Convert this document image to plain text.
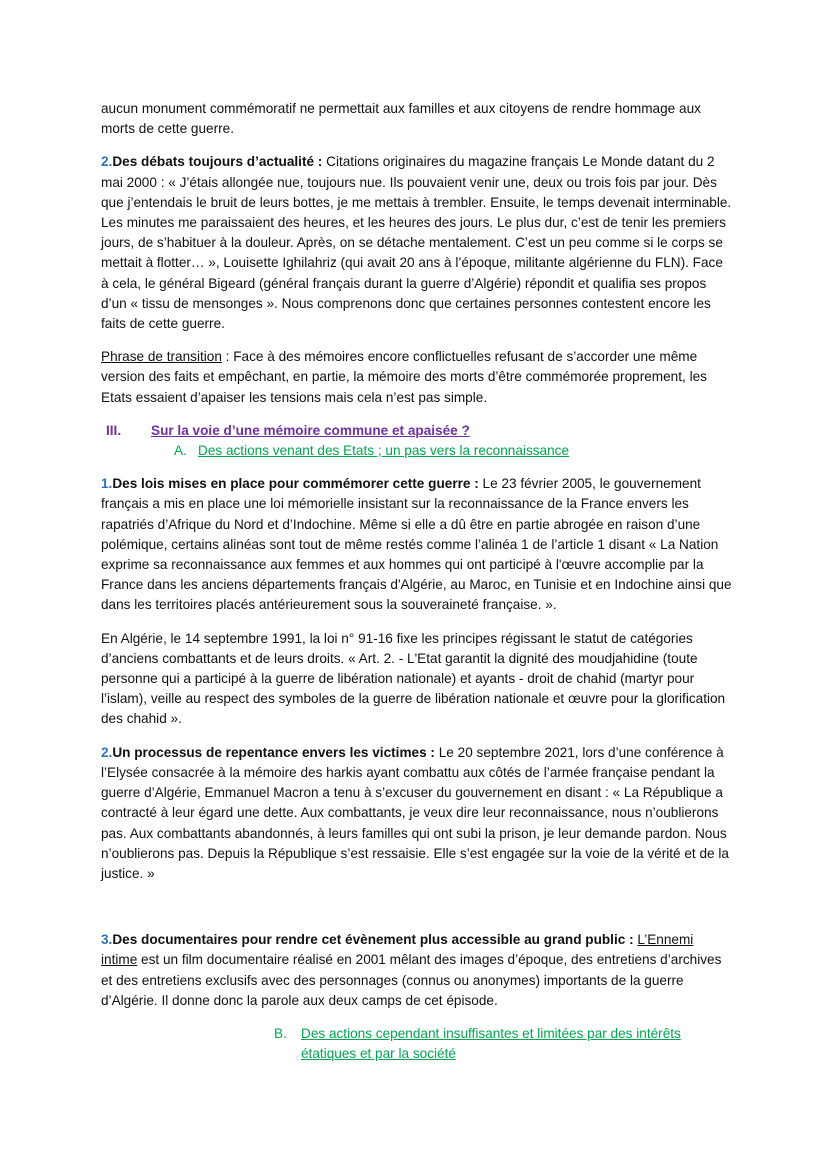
aucun monument commémoratif ne permettait aux familles et aux citoyens de rendre hommage aux morts de cette guerre.

2.Des débats toujours d’actualité : Citations originaires du magazine français Le Monde datant du 2 mai 2000 : « J’étais allongée nue, toujours nue. Ils pouvaient venir une, deux ou trois fois par jour. Dès que j’entendais le bruit de leurs bottes, je me mettais à trembler. Ensuite, le temps devenait interminable. Les minutes me paraissaient des heures, et les heures des jours. Le plus dur, c’est de tenir les premiers jours, de s’habituer à la douleur. Après, on se détache mentalement. C’est un peu comme si le corps se mettait à flotter… », Louisette Ighilahriz (qui avait 20 ans à l’époque, militante algérienne du FLN). Face à cela, le général Bigeard (général français durant la guerre d’Algérie) répondit et qualifia ses propos d’un « tissu de mensonges ». Nous comprenons donc que certaines personnes contestent encore les faits de cette guerre.

Phrase de transition : Face à des mémoires encore conflictuelles refusant de s’accorder une même version des faits et empêchant, en partie, la mémoire des morts d’être commémorée proprement, les Etats essaient d’apaiser les tensions mais cela n’est pas simple.

III.	Sur la voie d’une mémoire commune et apaisée ?
A. Des actions venant des Etats ; un pas vers la reconnaissance

1.Des lois mises en place pour commémorer cette guerre : Le 23 février 2005, le gouvernement français a mis en place une loi mémorielle insistant sur la reconnaissance de la France envers les rapatriés d’Afrique du Nord et d’Indochine. Même si elle a dû être en partie abrogée en raison d’une polémique, certains alinéas sont tout de même restés comme l’alinéa 1 de l’article 1 disant « La Nation exprime sa reconnaissance aux femmes et aux hommes qui ont participé à l'œuvre accomplie par la France dans les anciens départements français d'Algérie, au Maroc, en Tunisie et en Indochine ainsi que dans les territoires placés antérieurement sous la souveraineté française. ».

En Algérie, le 14 septembre 1991, la loi n° 91-16 fixe les principes régissant le statut de catégories d’anciens combattants et de leurs droits. « Art. 2. - L'Etat garantit la dignité des moudjahidine (toute personne qui a participé à la guerre de libération nationale) et ayants - droit de chahid (martyr pour l’islam), veille au respect des symboles de la guerre de libération nationale et œuvre pour la glorification des chahid ».

2.Un processus de repentance envers les victimes : Le 20 septembre 2021, lors d’une conférence à l’Elysée consacrée à la mémoire des harkis ayant combattu aux côtés de l’armée française pendant la guerre d’Algérie, Emmanuel Macron a tenu à s’excuser du gouvernement en disant : « La République a contracté à leur égard une dette. Aux combattants, je veux dire leur reconnaissance, nous n’oublierons pas. Aux combattants abandonnés, à leurs familles qui ont subi la prison, je leur demande pardon. Nous n’oublierons pas. Depuis la République s’est ressaisie. Elle s’est engagée sur la voie de la vérité et de la justice. »

3.Des documentaires pour rendre cet évènement plus accessible au grand public : L’Ennemi intime est un film documentaire réalisé en 2001 mêlant des images d’époque, des entretiens d’archives et des entretiens exclusifs avec des personnages (connus ou anonymes) importants de la guerre d’Algérie. Il donne donc la parole aux deux camps de cet épisode.

B.	Des actions cependant insuffisantes et limitées par des intérêts étatiques et par la société
